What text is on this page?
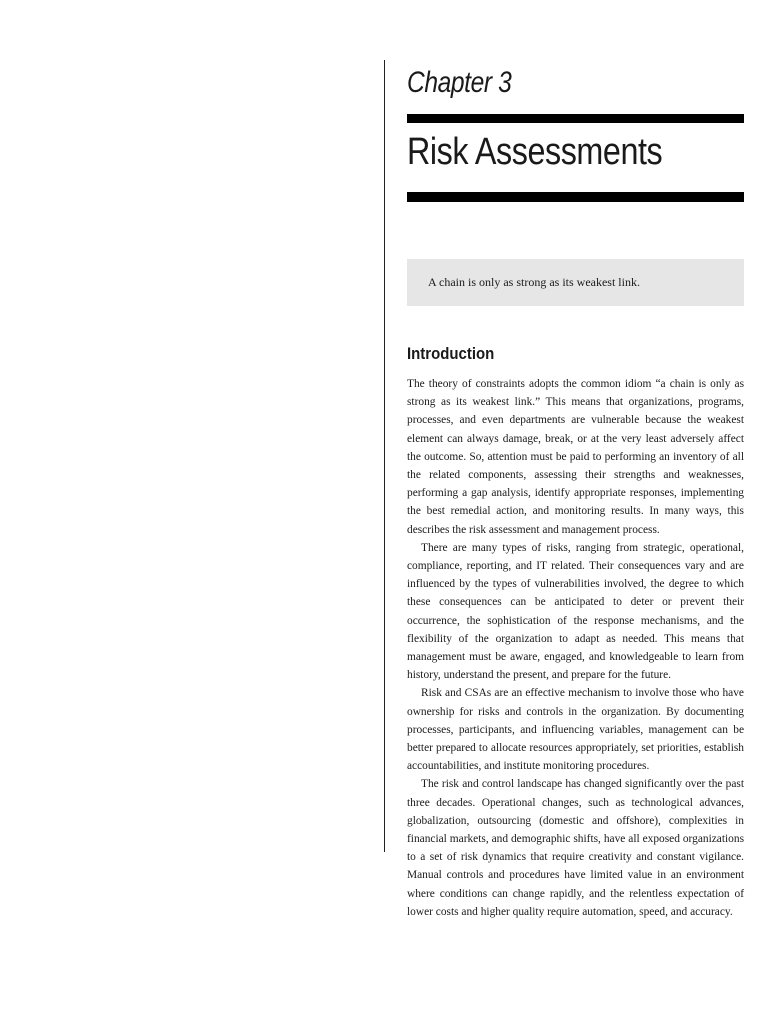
Chapter 3
Risk Assessments
A chain is only as strong as its weakest link.
Introduction

The theory of constraints adopts the common idiom “a chain is only as strong as its weakest link.” This means that organizations, programs, processes, and even departments are vulnerable because the weakest element can always damage, break, or at the very least adversely affect the outcome. So, attention must be paid to performing an inventory of all the related components, assessing their strengths and weaknesses, performing a gap analysis, identify appropriate responses, implementing the best remedial action, and monitoring results. In many ways, this describes the risk assessment and management process.

There are many types of risks, ranging from strategic, operational, compliance, reporting, and IT related. Their consequences vary and are influenced by the types of vulnerabilities involved, the degree to which these consequences can be anticipated to deter or prevent their occurrence, the sophistication of the response mechanisms, and the flexibility of the organization to adapt as needed. This means that management must be aware, engaged, and knowledgeable to learn from history, understand the present, and prepare for the future.

Risk and CSAs are an effective mechanism to involve those who have ownership for risks and controls in the organization. By documenting processes, participants, and influencing variables, management can be better prepared to allocate resources appropriately, set priorities, establish accountabilities, and institute monitoring procedures.

The risk and control landscape has changed significantly over the past three decades. Operational changes, such as technological advances, globalization, outsourcing (domestic and offshore), complexities in financial markets, and demographic shifts, have all exposed organizations to a set of risk dynamics that require creativity and constant vigilance. Manual controls and procedures have limited value in an environment where conditions can change rapidly, and the relentless expectation of lower costs and higher quality require automation, speed, and accuracy.
